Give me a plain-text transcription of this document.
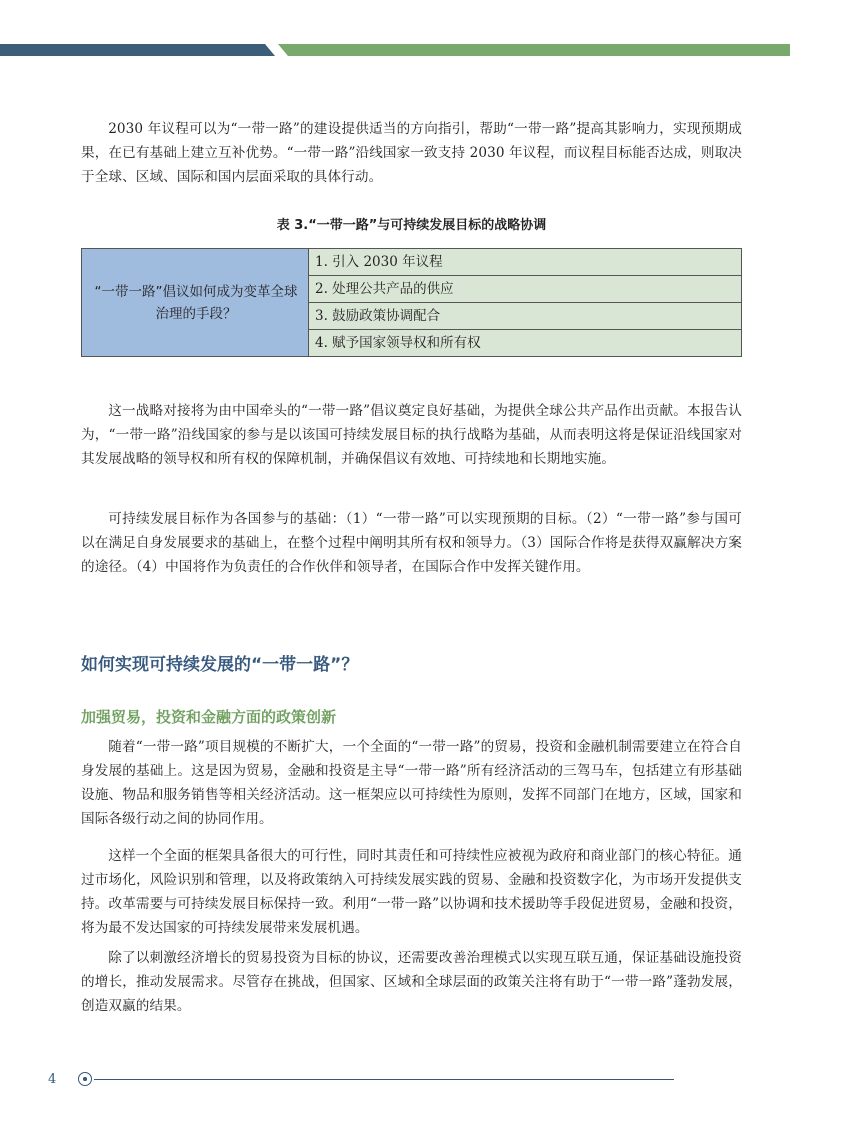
2030 年议程可以为“一带一路”的建设提供适当的方向指引，帮助“一带一路”提高其影响力，实现预期成果，在已有基础上建立互补优势。“一带一路”沿线国家一致支持 2030 年议程，而议程目标能否达成，则取决于全球、区域、国际和国内层面采取的具体行动。

表 3.“一带一路”与可持续发展目标的战略协调
“一带一路”倡议如何成为变革全球治理的手段？	1. 引入 2030 年议程
2. 处理公共产品的供应
3. 鼓励政策协调配合
4. 赋予国家领导权和所有权

这一战略对接将为由中国牵头的“一带一路”倡议奠定良好基础，为提供全球公共产品作出贡献。本报告认为，“一带一路”沿线国家的参与是以该国可持续发展目标的执行战略为基础，从而表明这将是保证沿线国家对其发展战略的领导权和所有权的保障机制，并确保倡议有效地、可持续地和长期地实施。

可持续发展目标作为各国参与的基础：（1）“一带一路”可以实现预期的目标。（2）“一带一路”参与国可以在满足自身发展要求的基础上，在整个过程中阐明其所有权和领导力。（3）国际合作将是获得双赢解决方案的途径。（4）中国将作为负责任的合作伙伴和领导者，在国际合作中发挥关键作用。

如何实现可持续发展的“一带一路”？
加强贸易，投资和金融方面的政策创新

随着“一带一路”项目规模的不断扩大，一个全面的“一带一路”的贸易，投资和金融机制需要建立在符合自身发展的基础上。这是因为贸易，金融和投资是主导“一带一路”所有经济活动的三驾马车，包括建立有形基础设施、物品和服务销售等相关经济活动。这一框架应以可持续性为原则，发挥不同部门在地方，区域，国家和国际各级行动之间的协同作用。

这样一个全面的框架具备很大的可行性，同时其责任和可持续性应被视为政府和商业部门的核心特征。通过市场化，风险识别和管理，以及将政策纳入可持续发展实践的贸易、金融和投资数字化，为市场开发提供支持。改革需要与可持续发展目标保持一致。利用“一带一路”以协调和技术援助等手段促进贸易，金融和投资，将为最不发达国家的可持续发展带来发展机遇。

除了以刺激经济增长的贸易投资为目标的协议，还需要改善治理模式以实现互联互通，保证基础设施投资的增长，推动发展需求。尽管存在挑战，但国家、区域和全球层面的政策关注将有助于“一带一路”蓬勃发展，创造双赢的结果。

4
